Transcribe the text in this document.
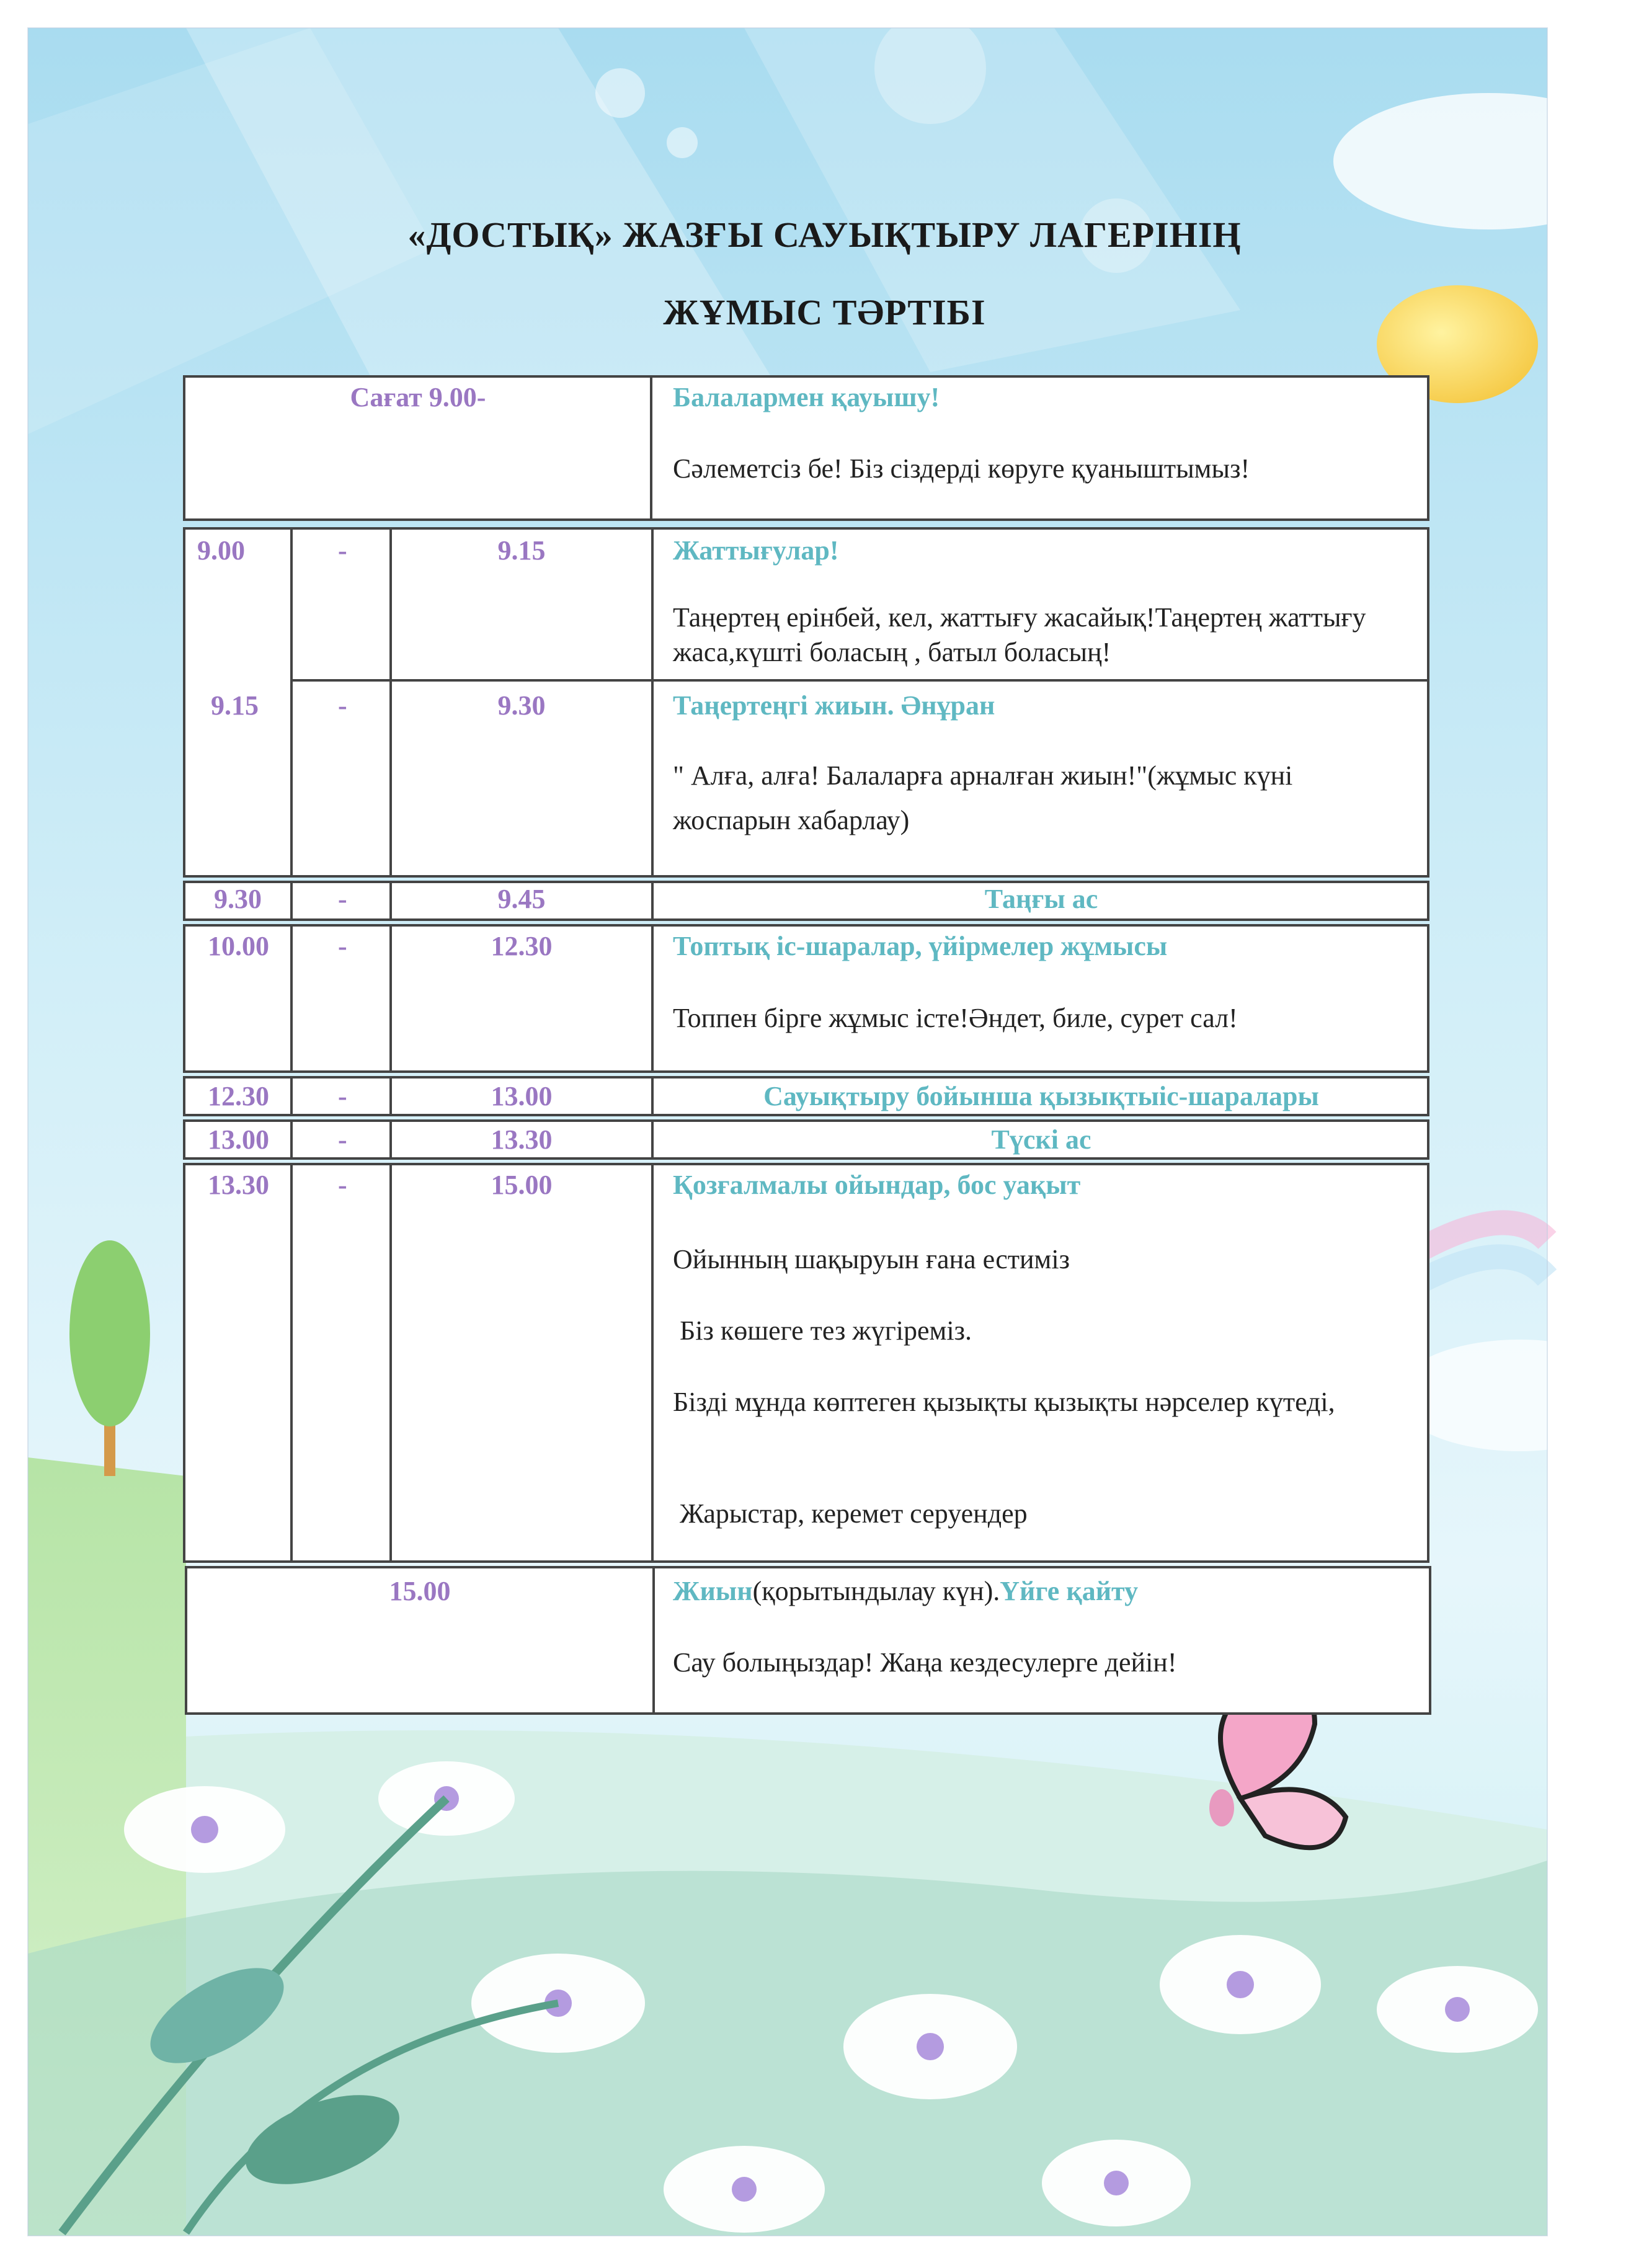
«ДОСТЫҚ» ЖАЗҒЫ САУЫҚТЫРУ ЛАГЕРІНІҢ
ЖҰМЫС ТӘРТІБІ
Сағат 9.00-	Балалармен қауышу!
Сәлеметсіз бе! Біз сіздерді көруге қуаныштымыз!
9.00	-	9.15	Жаттығулар!
Таңертең ерінбей, кел, жаттығу жасайық!Таңертең жаттығу жаса,күшті боласың , батыл боласың!
9.15	-	9.30	Таңертеңгі жиын. Әнұран
" Алға, алға! Балаларға арналған жиын!"(жұмыс күні жоспарын хабарлау)
9.30	-	9.45	Таңғы ас
10.00	-	12.30	Топтық іс-шаралар, үйірмелер жұмысы
Топпен бірге жұмыс істе!Әндет, биле, сурет сал!
12.30	-	13.00	Сауықтыру бойынша қызықтыіс-шаралары
13.00	-	13.30	Түскі ас
13.30	-	15.00	Қозғалмалы ойындар, бос уақыт
Ойынның шақыруын ғана естиміз
Біз көшеге тез жүгіреміз.
Бізді мұнда көптеген қызықты қызықты нәрселер күтеді,
Жарыстар, керемет серуендер
15.00	Жиын(қорытындылау күн).Үйге қайту
Сау болыңыздар! Жаңа кездесулерге дейін!
